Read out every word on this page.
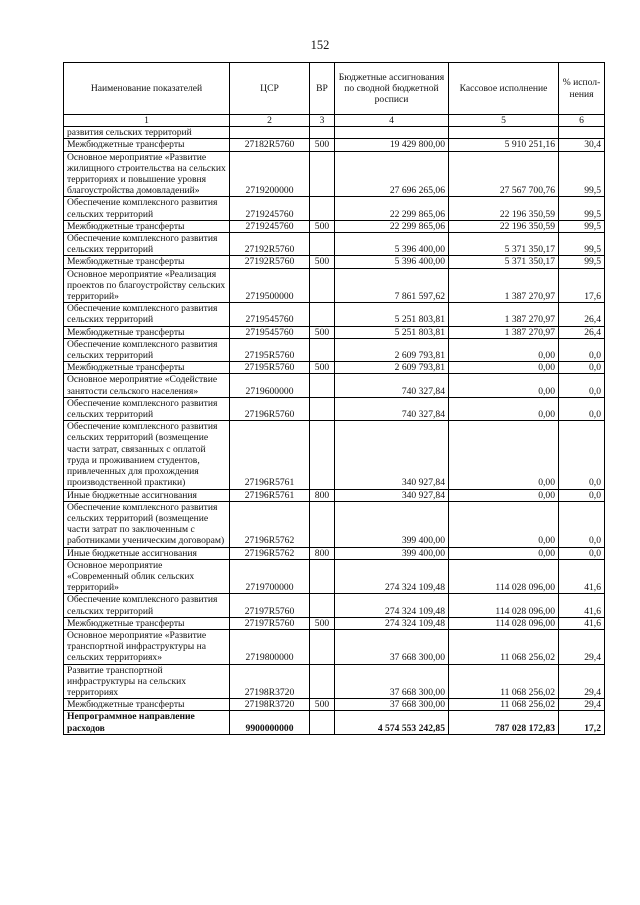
152
Наименование показателей	ЦСР	ВР	Бюджетные ассигнования по сводной бюджетной росписи	Кассовое исполнение	% испол-нения
1	2	3	4	5	6
развития сельских территорий					
Межбюджетные трансферты	27182R5760	500	19 429 800,00	5 910 251,16	30,4
Основное мероприятие «Развитие жилищного строительства на сельских территориях и повышение уровня благоустройства домовладений»	2719200000		27 696 265,06	27 567 700,76	99,5
Обеспечение комплексного развития сельских территорий	2719245760		22 299 865,06	22 196 350,59	99,5
Межбюджетные трансферты	2719245760	500	22 299 865,06	22 196 350,59	99,5
Обеспечение комплексного развития сельских территорий	27192R5760		5 396 400,00	5 371 350,17	99,5
Межбюджетные трансферты	27192R5760	500	5 396 400,00	5 371 350,17	99,5
Основное мероприятие «Реализация проектов по благоустройству сельских территорий»	2719500000		7 861 597,62	1 387 270,97	17,6
Обеспечение комплексного развития сельских территорий	2719545760		5 251 803,81	1 387 270,97	26,4
Межбюджетные трансферты	2719545760	500	5 251 803,81	1 387 270,97	26,4
Обеспечение комплексного развития сельских территорий	27195R5760		2 609 793,81	0,00	0,0
Межбюджетные трансферты	27195R5760	500	2 609 793,81	0,00	0,0
Основное мероприятие «Содействие занятости сельского населения»	2719600000		740 327,84	0,00	0,0
Обеспечение комплексного развития сельских территорий	27196R5760		740 327,84	0,00	0,0
Обеспечение комплексного развития сельских территорий (возмещение части затрат, связанных с оплатой труда и проживанием студентов, привлеченных для прохождения производственной практики)	27196R5761		340 927,84	0,00	0,0
Иные бюджетные ассигнования	27196R5761	800	340 927,84	0,00	0,0
Обеспечение комплексного развития сельских территорий (возмещение части затрат по заключенным с работниками ученическим договорам)	27196R5762		399 400,00	0,00	0,0
Иные бюджетные ассигнования	27196R5762	800	399 400,00	0,00	0,0
Основное мероприятие «Современный облик сельских территорий»	2719700000		274 324 109,48	114 028 096,00	41,6
Обеспечение комплексного развития сельских территорий	27197R5760		274 324 109,48	114 028 096,00	41,6
Межбюджетные трансферты	27197R5760	500	274 324 109,48	114 028 096,00	41,6
Основное мероприятие «Развитие транспортной инфраструктуры на сельских территориях»	2719800000		37 668 300,00	11 068 256,02	29,4
Развитие транспортной инфраструктуры на сельских территориях	27198R3720		37 668 300,00	11 068 256,02	29,4
Межбюджетные трансферты	27198R3720	500	37 668 300,00	11 068 256,02	29,4
Непрограммное направление расходов	9900000000		4 574 553 242,85	787 028 172,83	17,2
